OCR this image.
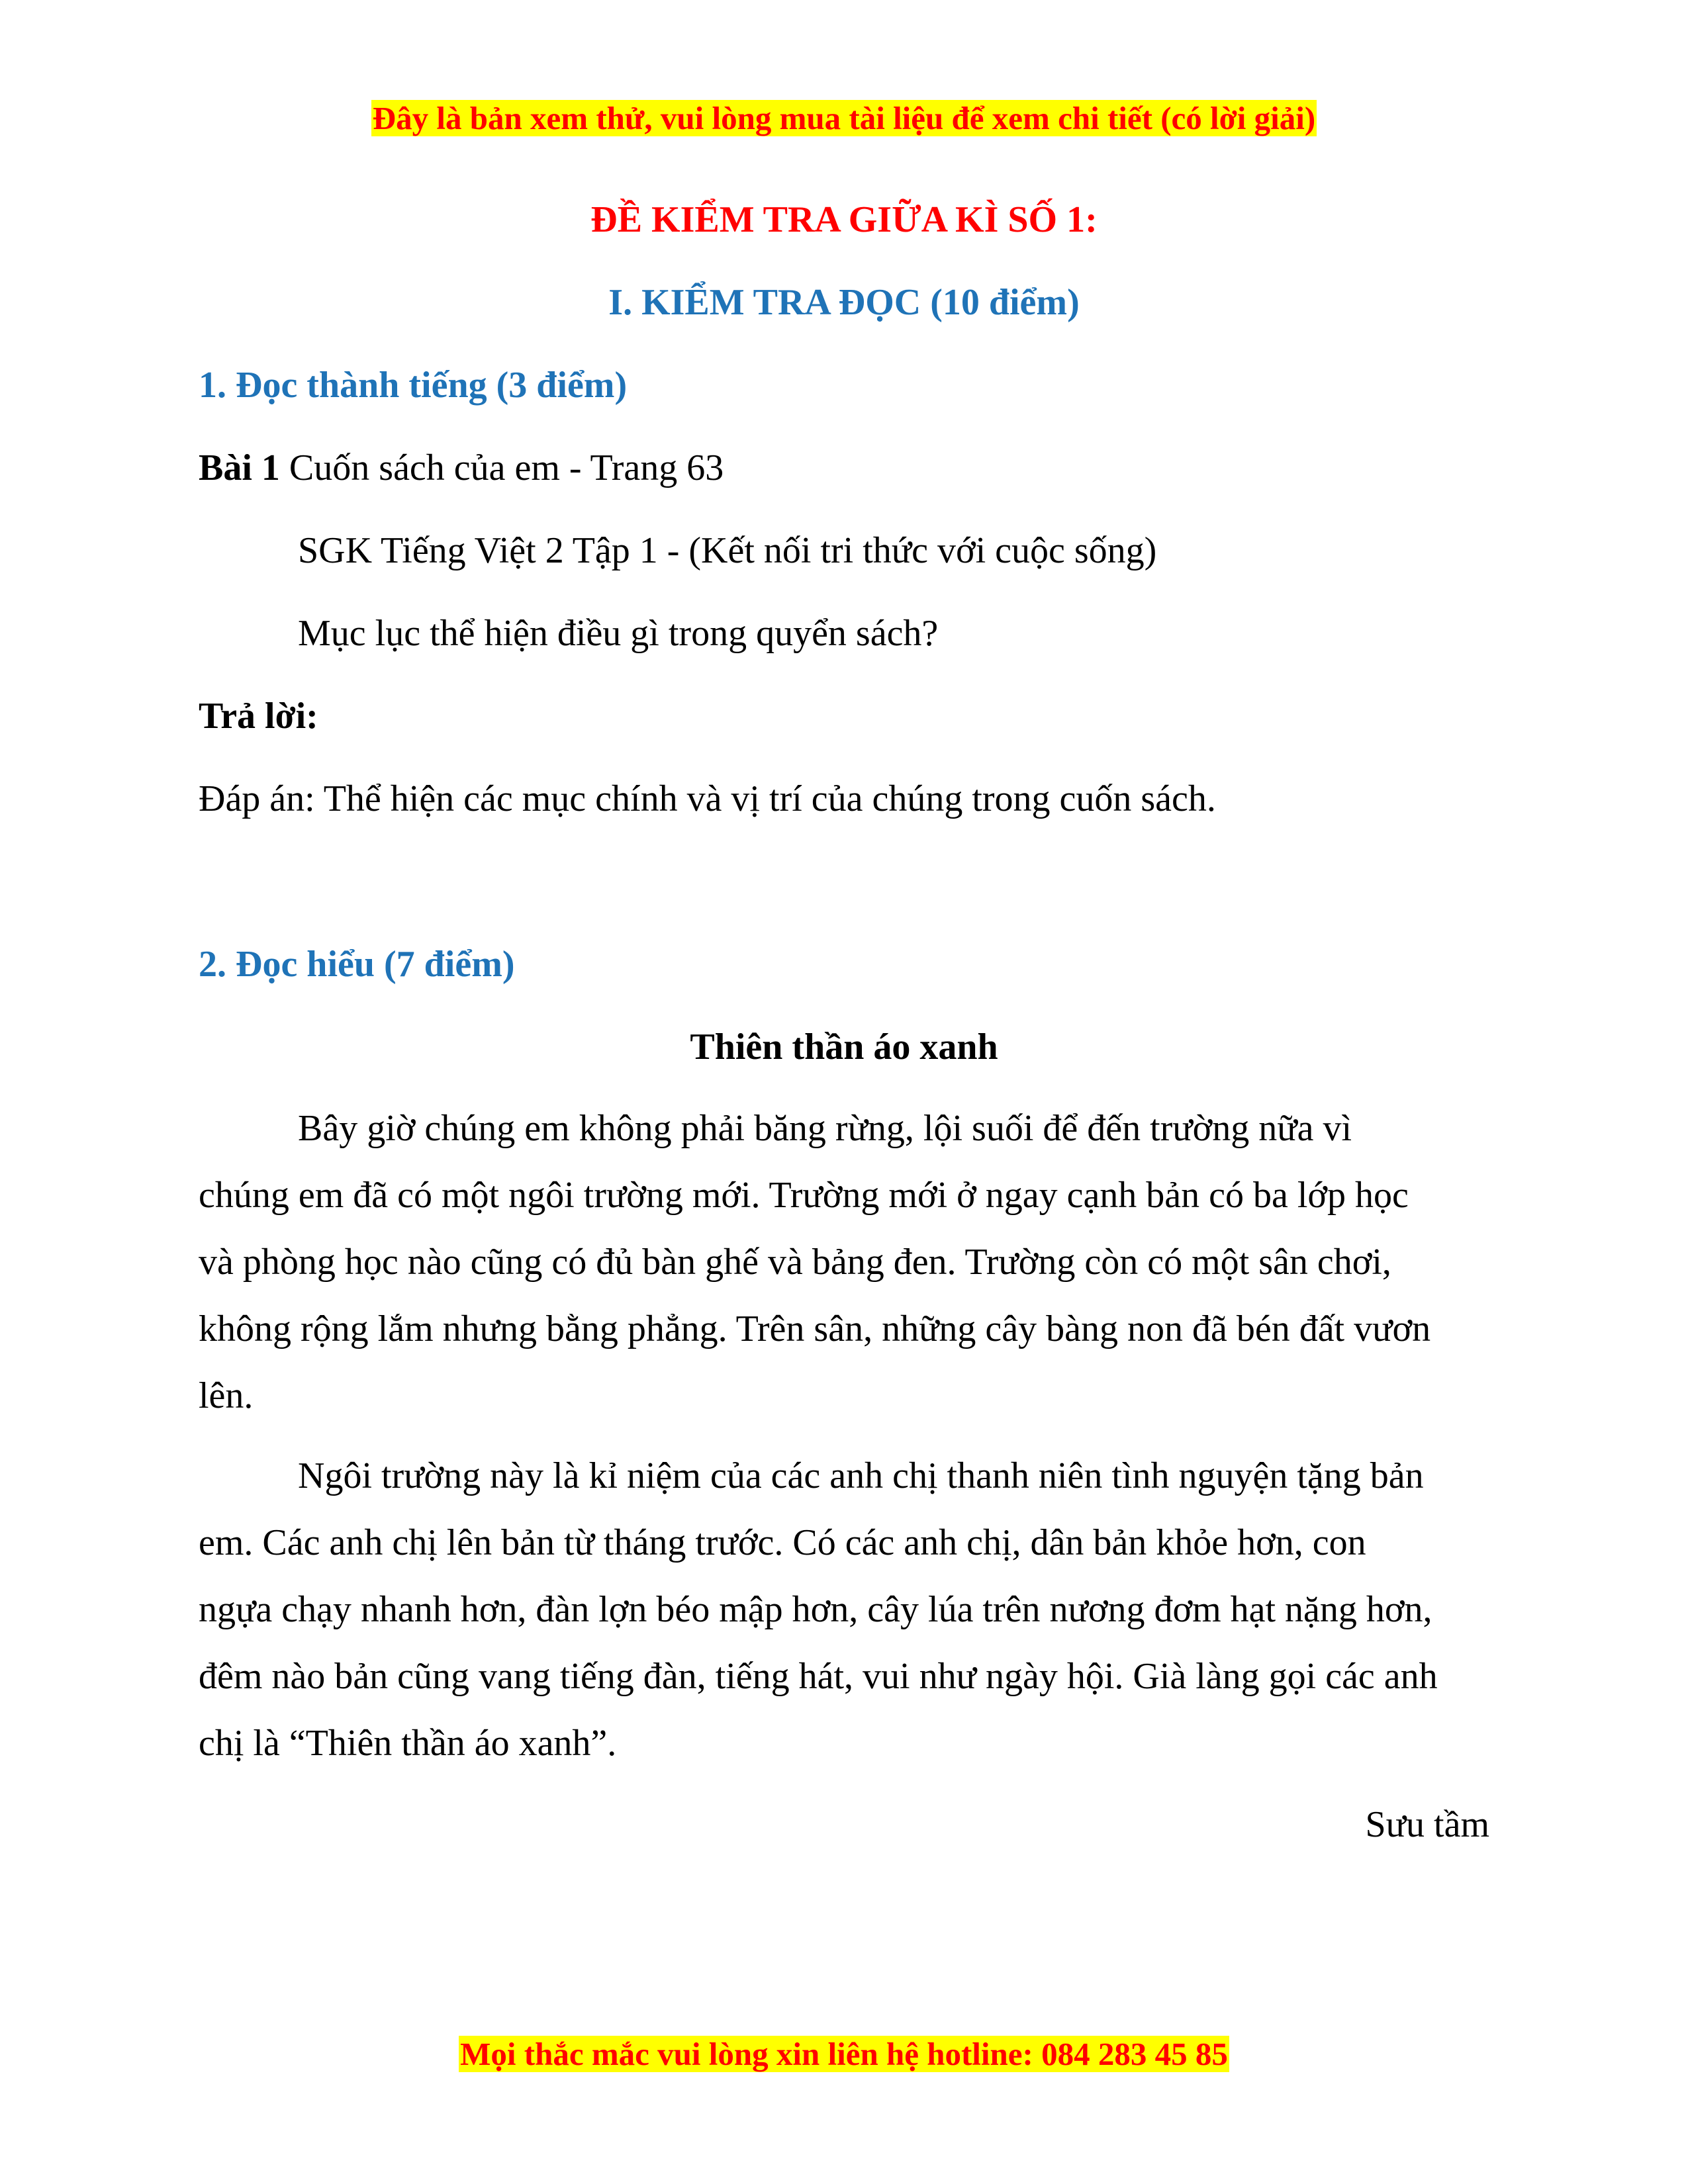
Đây là bản xem thử, vui lòng mua tài liệu để xem chi tiết (có lời giải)
ĐỀ KIỂM TRA GIỮA KÌ SỐ 1:
I. KIỂM TRA ĐỌC (10 điểm)
1. Đọc thành tiếng (3 điểm)
Bài 1 Cuốn sách của em - Trang 63
SGK Tiếng Việt 2 Tập 1 - (Kết nối tri thức với cuộc sống)
Mục lục thể hiện điều gì trong quyển sách?
Trả lời:
Đáp án: Thể hiện các mục chính và vị trí của chúng trong cuốn sách.
2. Đọc hiểu (7 điểm)
Thiên thần áo xanh
Bây giờ chúng em không phải băng rừng, lội suối để đến trường nữa vì
chúng em đã có một ngôi trường mới. Trường mới ở ngay cạnh bản có ba lớp học
và phòng học nào cũng có đủ bàn ghế và bảng đen. Trường còn có một sân chơi,
không rộng lắm nhưng bằng phẳng. Trên sân, những cây bàng non đã bén đất vươn
lên.
Ngôi trường này là kỉ niệm của các anh chị thanh niên tình nguyện tặng bản
em. Các anh chị lên bản từ tháng trước. Có các anh chị, dân bản khỏe hơn, con
ngựa chạy nhanh hơn, đàn lợn béo mập hơn, cây lúa trên nương đơm hạt nặng hơn,
đêm nào bản cũng vang tiếng đàn, tiếng hát, vui như ngày hội. Già làng gọi các anh
chị là “Thiên thần áo xanh”.
Sưu tầm
Mọi thắc mắc vui lòng xin liên hệ hotline: 084 283 45 85
